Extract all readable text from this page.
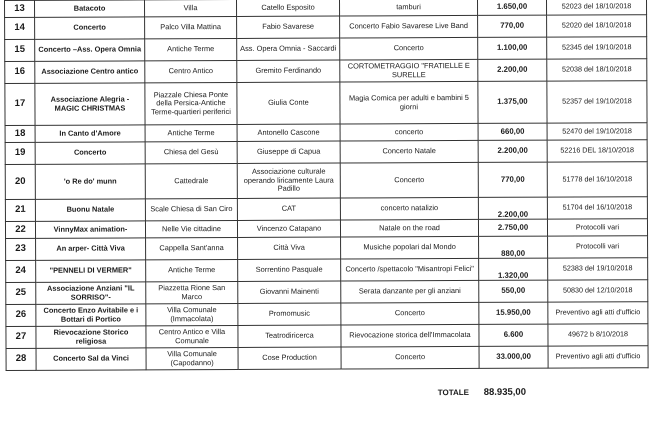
13	Batacoto	Villa	Catello Esposito	tamburi	1.650,00	52023 del 18/10/2018
14	Concerto	Palco Villa Mattina	Fabio Savarese	Concerto Fabio Savarese Live Band	770,00	52020 del 18/10/2018
15	Concerto –Ass. Opera Omnia	Antiche Terme	Ass. Opera Omnia - Saccardi	Concerto	1.100,00	52345 del 19/10/2018
16	Associazione Centro antico	Centro Antico	Gremito Ferdinando	CORTOMETRAGGIO "FRATIELLE E SURELLE	2.200,00	52038 del 18/10/2018
17	Associazione Alegria - MAGIC CHRISTMAS	Piazzale Chiesa Ponte della Persica-Antiche Terme-quartieri periferici	Giulia Conte	Magia Comica per adulti e bambini 5 giorni	1.375,00	52357 del 19/10/2018
18	In Canto d'Amore	Antiche Terme	Antonello Cascone	concerto	660,00	52470 del 19/10/2018
19	Concerto	Chiesa del Gesù	Giuseppe di Capua	Concerto Natale	2.200,00	52216 DEL 18/10/2018
20	'o Re do' munn	Cattedrale	Associazione culturale operando liricamente Laura Padillo	Concerto	770,00	51778 del 16/10/2018
21	Buonu Natale	Scale Chiesa di San Ciro	CAT	concerto natalizio	2.200,00	51704 del 16/10/2018
22	VinnyMax animation-	Nelle Vie cittadine	Vincenzo Catapano	Natale on the road	2.750,00	Protocolli vari
23	An arper- Città Viva	Cappella Sant'anna	Città Viva	Musiche popolari dal Mondo	880,00	Protocolli vari
24	"PENNELI DI VERMER"	Antiche Terme	Sorrentino Pasquale	Concerto /spettacolo "Misantropi Felici"	1.320,00	52383 del 19/10/2018
25	Associazione Anziani "IL SORRISO"-	Piazzetta Rione San Marco	Giovanni Mainenti	Serata danzante per gli anziani	550,00	50830 del 12/10/2018
26	Concerto Enzo Avitabile e i Bottari di Portico	Villa Comunale (Immacolata)	Promomusic	Concerto	15.950,00	Preventivo agli atti d'ufficio
27	Rievocazione Storico religiosa	Centro Antico e Villa Comunale	Teatrodiricerca	Rievocazione storica dell'Immacolata	6.600	49672 b 8/10/2018
28	Concerto Sal da Vinci	Villa Comunale (Capodanno)	Cose Production	Concerto	33.000,00	Preventivo agli atti d'ufficio
TOTALE 88.935,00
